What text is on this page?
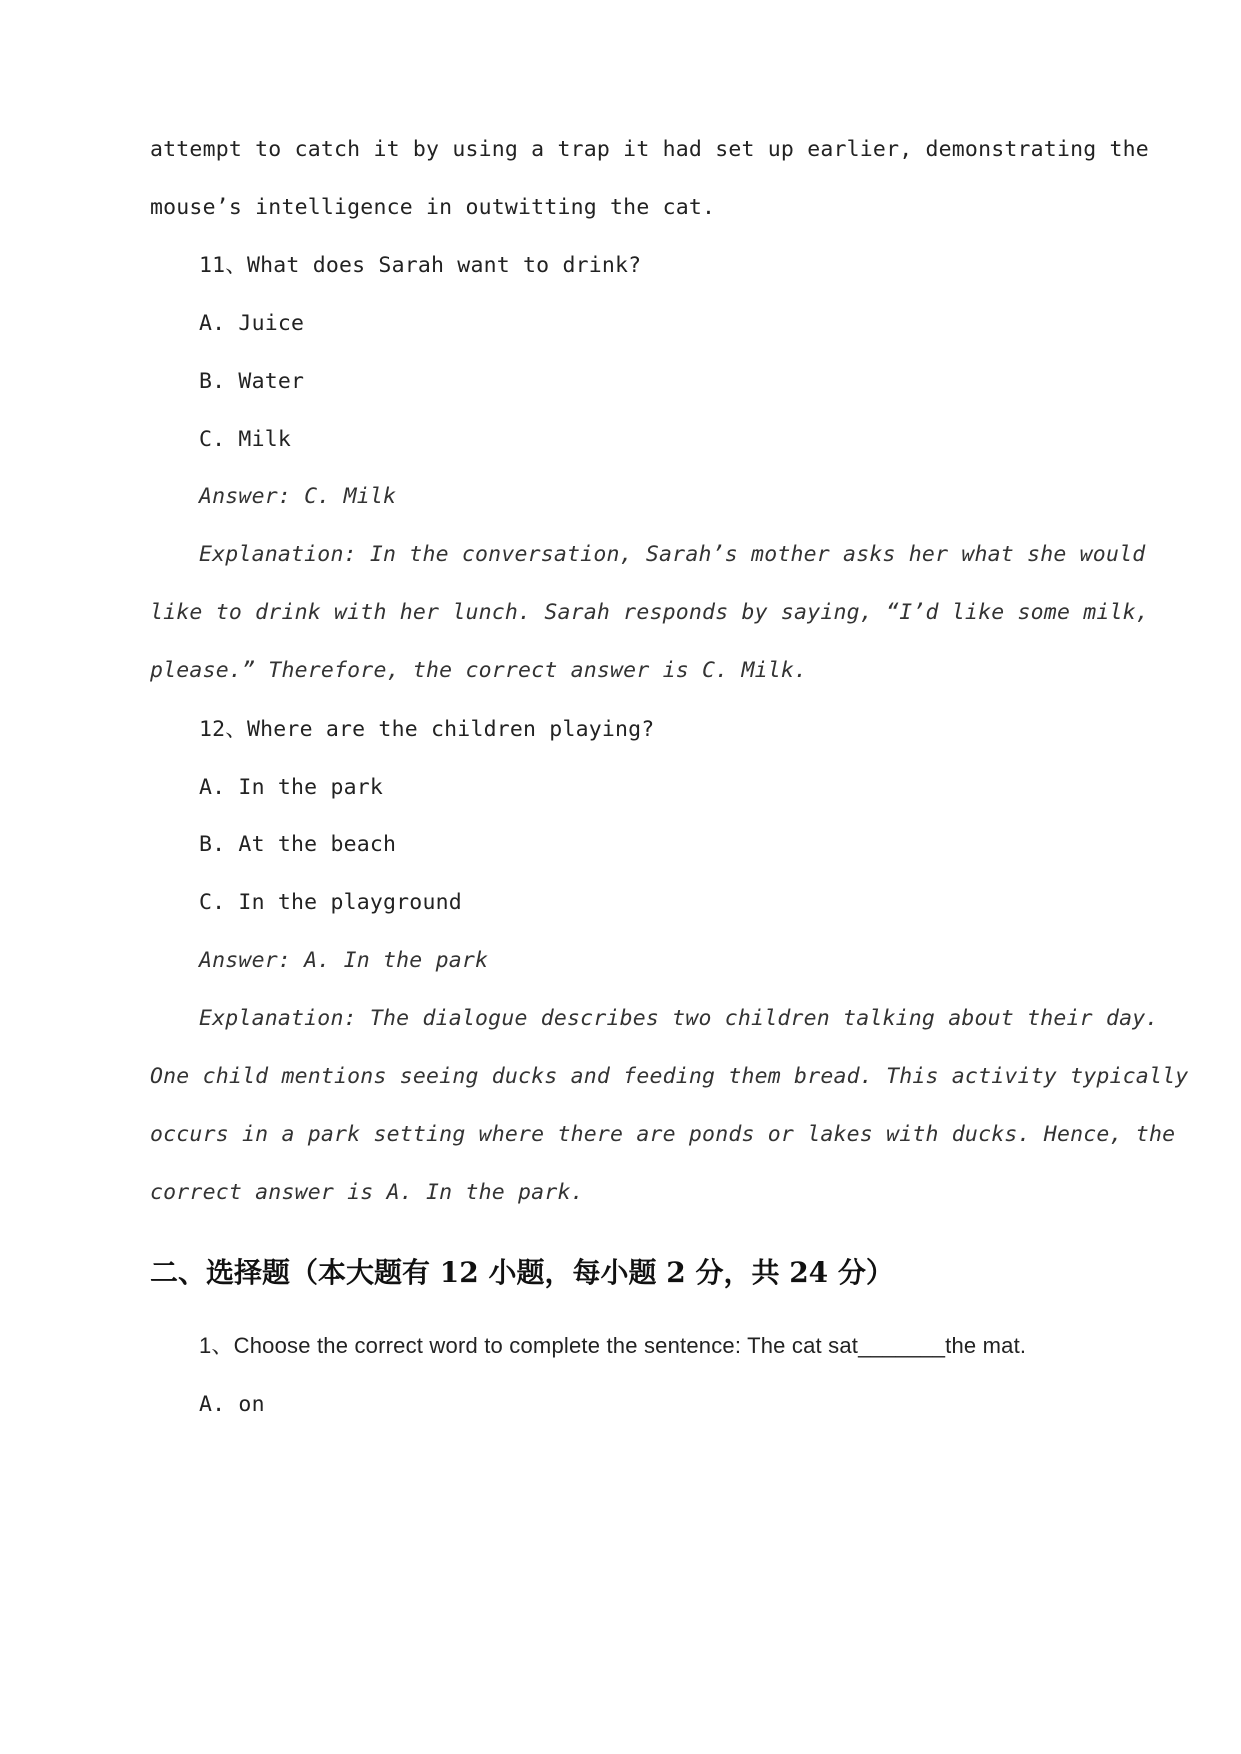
attempt to catch it by using a trap it had set up earlier, demonstrating the
mouse’s intelligence in outwitting the cat.
11、What does Sarah want to drink?
A. Juice
B. Water
C. Milk
Answer: C. Milk
Explanation: In the conversation, Sarah’s mother asks her what she would
like to drink with her lunch. Sarah responds by saying, “I’d like some milk,
please.” Therefore, the correct answer is C. Milk.
12、Where are the children playing?
A. In the park
B. At the beach
C. In the playground
Answer: A. In the park
Explanation: The dialogue describes two children talking about their day.
One child mentions seeing ducks and feeding them bread. This activity typically
occurs in a park setting where there are ponds or lakes with ducks. Hence, the
correct answer is A. In the park.
二、选择题（本大题有 12 小题，每小题 2 分，共 24 分）
1、Choose the correct word to complete the sentence: The cat sat_______the mat.
A. on
